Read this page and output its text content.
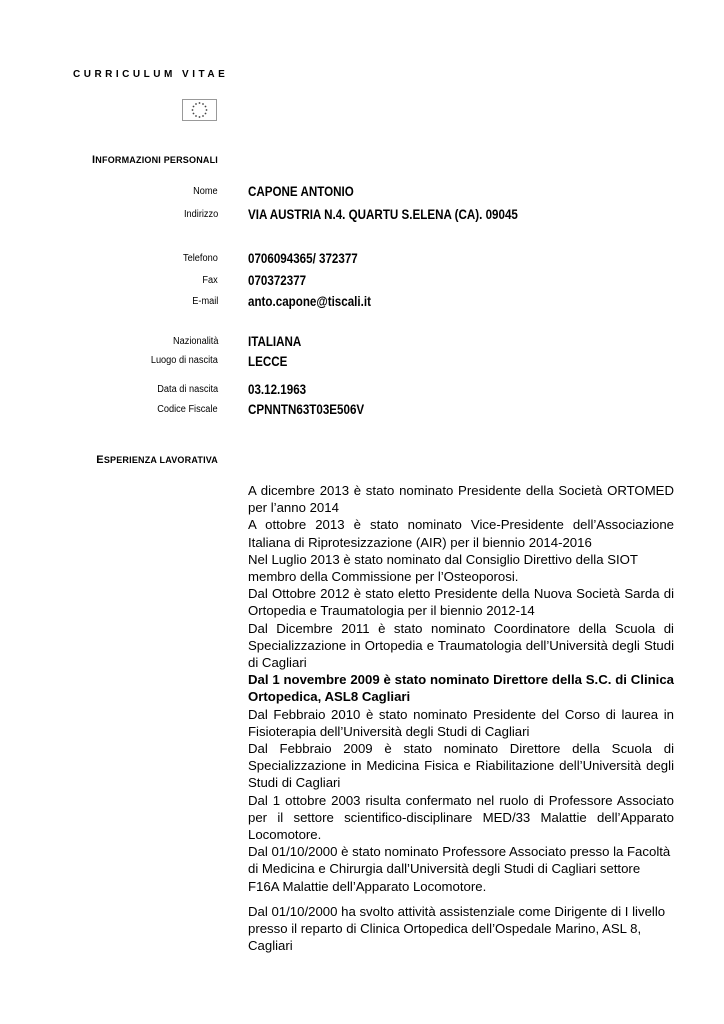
CURRICULUM VITAE
INFORMAZIONI PERSONALI
Nome CAPONE ANTONIO
Indirizzo VIA AUSTRIA N.4. QUARTU S.ELENA (CA). 09045
Telefono 0706094365/ 372377
Fax 070372377
E-mail anto.capone@tiscali.it
Nazionalità ITALIANA
Luogo di nascita LECCE
Data di nascita 03.12.1963
Codice Fiscale CPNNTN63T03E506V
ESPERIENZA LAVORATIVA

A dicembre 2013 è stato nominato Presidente della Società ORTOMED per l’anno 2014

A ottobre 2013 è stato nominato Vice-Presidente dell’Associazione Italiana di Riprotesizzazione (AIR) per il biennio 2014-2016

Nel Luglio 2013 è stato nominato dal Consiglio Direttivo della SIOT membro della Commissione per l’Osteoporosi.

Dal Ottobre 2012 è stato eletto Presidente della Nuova Società Sarda di Ortopedia e Traumatologia per il biennio 2012-14

Dal Dicembre 2011 è stato nominato Coordinatore della Scuola di Specializzazione in Ortopedia e Traumatologia dell’Università degli Studi di Cagliari

Dal 1 novembre 2009 è stato nominato Direttore della S.C. di Clinica Ortopedica, ASL8 Cagliari

Dal Febbraio 2010 è stato nominato Presidente del Corso di laurea in Fisioterapia dell’Università degli Studi di Cagliari

Dal Febbraio 2009 è stato nominato Direttore della Scuola di Specializzazione in Medicina Fisica e Riabilitazione dell’Università degli Studi di Cagliari

Dal 1 ottobre 2003 risulta confermato nel ruolo di Professore Associato per il settore scientifico-disciplinare MED/33 Malattie dell’Apparato Locomotore.

Dal 01/10/2000 è stato nominato Professore Associato presso la Facoltà di Medicina e Chirurgia dall’Università degli Studi di Cagliari settore F16A Malattie dell’Apparato Locomotore.

Dal 01/10/2000 ha svolto attività assistenziale come Dirigente di I livello presso il reparto di Clinica Ortopedica dell’Ospedale Marino, ASL 8, Cagliari
